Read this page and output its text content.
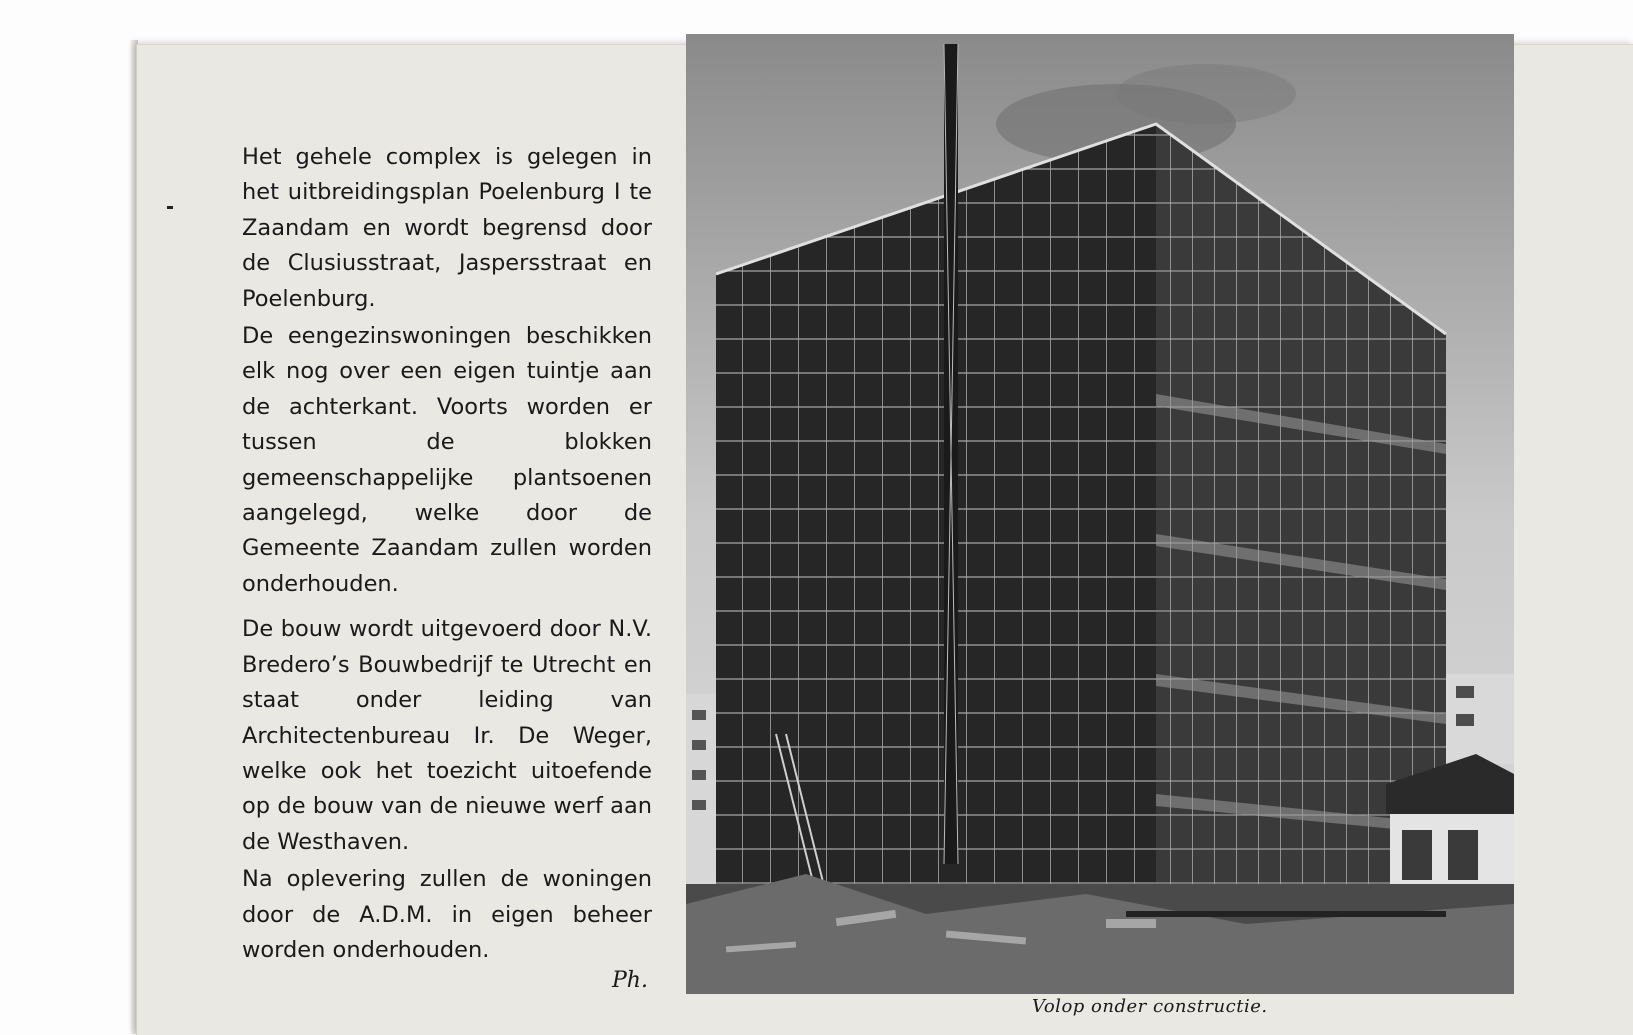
Het gehele complex is gelegen in het uitbreidingsplan Poelenburg I te Zaandam en wordt begrensd door de Clusiusstraat, Jaspersstraat en Poelenburg.

De eengezinswoningen beschikken elk nog over een eigen tuintje aan de achterkant. Voorts worden er tussen de blokken gemeenschappelijke plantsoenen aangelegd, welke door de Gemeente Zaandam zullen worden onderhouden.

De bouw wordt uitgevoerd door N.V. Bredero’s Bouwbedrijf te Utrecht en staat onder leiding van Architectenbureau Ir. De Weger, welke ook het toezicht uitoefende op de bouw van de nieuwe werf aan de Westhaven.

Na oplevering zullen de woningen door de A.D.M. in eigen beheer worden onderhouden.

Ph.
Volop onder constructie.
